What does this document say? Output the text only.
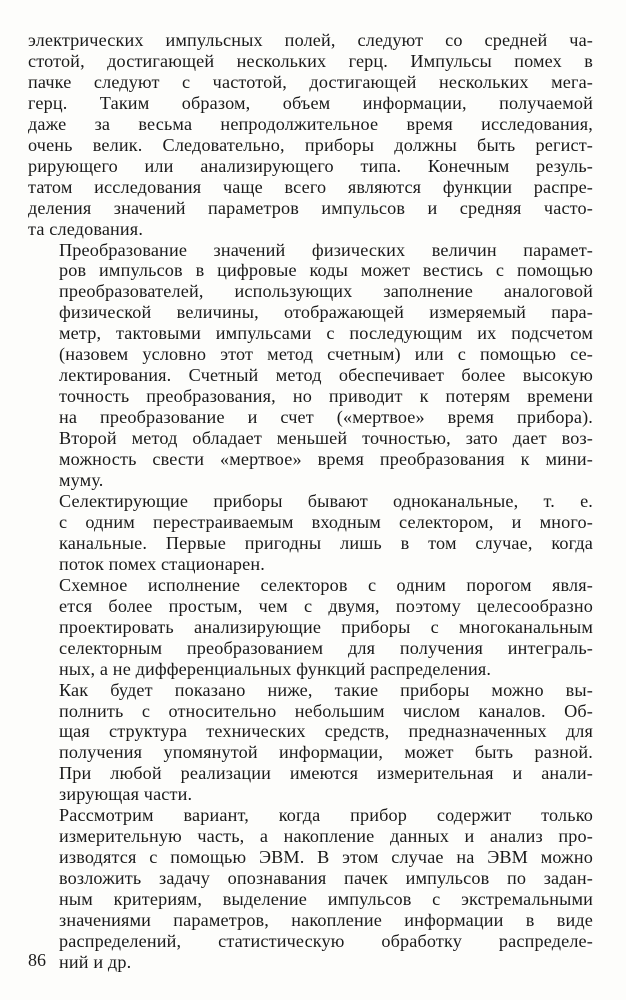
электрических импульсных полей, следуют со средней ча-
стотой, достигающей нескольких герц. Импульсы помех в
пачке следуют с частотой, достигающей нескольких мега-
герц. Таким образом, объем информации, получаемой
даже за весьма непродолжительное время исследования,
очень велик. Следовательно, приборы должны быть регист-
рирующего или анализирующего типа. Конечным резуль-
татом исследования чаще всего являются функции распре-
деления значений параметров импульсов и средняя часто-
та следования.

Преобразование значений физических величин парамет-
ров импульсов в цифровые коды может вестись с помощью
преобразователей, использующих заполнение аналоговой
физической величины, отображающей измеряемый пара-
метр, тактовыми импульсами с последующим их подсчетом
(назовем условно этот метод счетным) или с помощью се-
лектирования. Счетный метод обеспечивает более высокую
точность преобразования, но приводит к потерям времени
на преобразование и счет («мертвое» время прибора).
Второй метод обладает меньшей точностью, зато дает воз-
можность свести «мертвое» время преобразования к мини-
муму.

Селектирующие приборы бывают одноканальные, т. е.
с одним перестраиваемым входным селектором, и много-
канальные. Первые пригодны лишь в том случае, когда
поток помех стационарен.

Схемное исполнение селекторов с одним порогом явля-
ется более простым, чем с двумя, поэтому целесообразно
проектировать анализирующие приборы с многоканальным
селекторным преобразованием для получения интеграль-
ных, а не дифференциальных функций распределения.

Как будет показано ниже, такие приборы можно вы-
полнить с относительно небольшим числом каналов. Об-
щая структура технических средств, предназначенных для
получения упомянутой информации, может быть разной.
При любой реализации имеются измерительная и анали-
зирующая части.

Рассмотрим вариант, когда прибор содержит только
измерительную часть, а накопление данных и анализ про-
изводятся с помощью ЭВМ. В этом случае на ЭВМ можно
возложить задачу опознавания пачек импульсов по задан-
ным критериям, выделение импульсов с экстремальными
значениями параметров, накопление информации в виде
распределений, статистическую обработку распределе-
ний и др.

86
